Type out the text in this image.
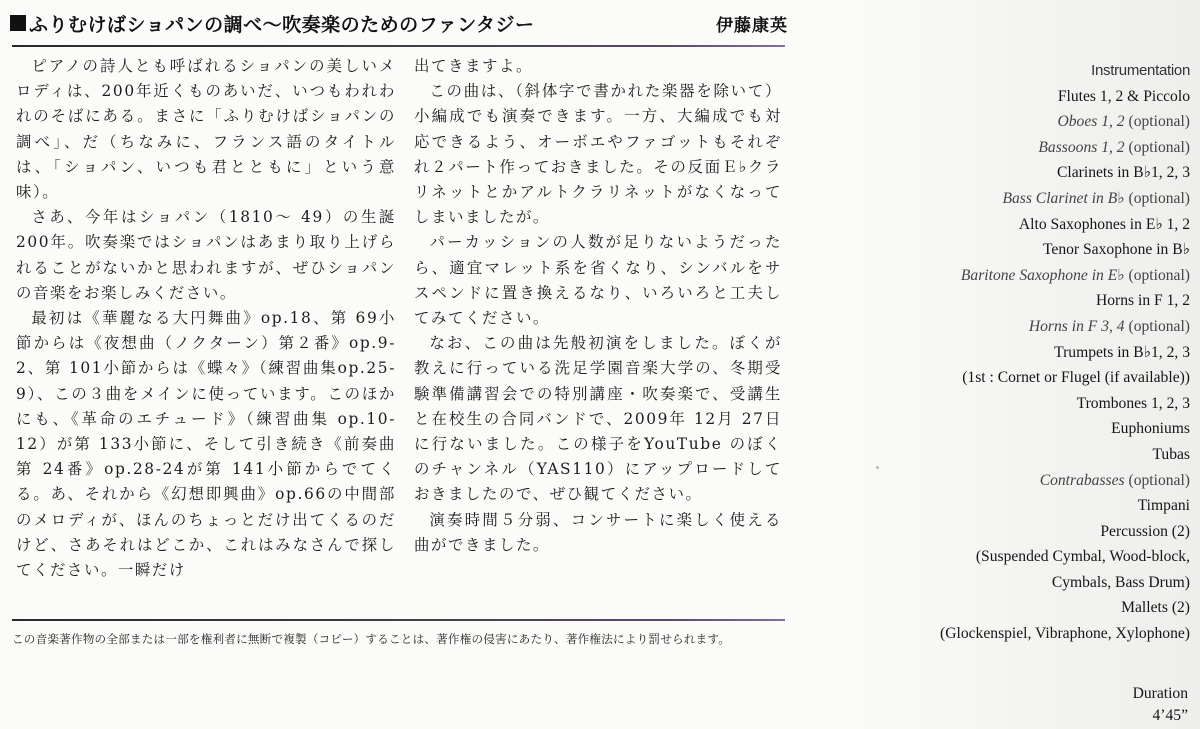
ふりむけばショパンの調べ〜吹奏楽のためのファンタジー	伊藤康英

ピアノの詩人とも呼ばれるショパンの美しいメロディは、200年近くものあいだ、いつもわれわれのそばにある。まさに「ふりむけばショパンの調べ」、だ（ちなみに、フランス語のタイトルは、「ショパン、いつも君とともに」という意味）。

さあ、今年はショパン（1810〜 49）の生誕 200年。吹奏楽ではショパンはあまり取り上げられることがないかと思われますが、ぜひショパンの音楽をお楽しみください。

最初は《華麗なる大円舞曲》op.18、第 69小節からは《夜想曲（ノクターン）第２番》op.9-2、第 101小節からは《蝶々》（練習曲集op.25-9）、この３曲をメインに使っています。このほかにも、《革命のエチュード》（練習曲集 op.10-12）が第 133小節に、そして引き続き《前奏曲第 24番》op.28-24が第 141小節からでてくる。あ、それから《幻想即興曲》op.66の中間部のメロディが、ほんのちょっとだけ出てくるのだけど、さあそれはどこか、これはみなさんで探してください。一瞬だけ

出てきますよ。

この曲は、（斜体字で書かれた楽器を除いて）小編成でも演奏できます。一方、大編成でも対応できるよう、オーボエやファゴットもそれぞれ２パート作っておきました。その反面Ｅ♭クラリネットとかアルトクラリネットがなくなってしまいましたが。

パーカッションの人数が足りないようだったら、適宜マレット系を省くなり、シンバルをサスペンドに置き換えるなり、いろいろと工夫してみてください。

なお、この曲は先般初演をしました。ぼくが教えに行っている洗足学園音楽大学の、冬期受験準備講習会での特別講座・吹奏楽で、受講生と在校生の合同バンドで、2009年 12月 27日に行ないました。この様子をYouTube のぼくのチャンネル（YAS110）にアップロードしておきましたので、ぜひ観てください。

演奏時間５分弱、コンサートに楽しく使える曲ができました。

この音楽著作物の全部または一部を権利者に無断で複製（コピー）することは、著作権の侵害にあたり、著作権法により罰せられます。
Instrumentation
Flutes 1, 2 & Piccolo
Oboes 1, 2 (optional)
Bassoons 1, 2 (optional)
Clarinets in B♭1, 2, 3
Bass Clarinet in B♭ (optional)
Alto Saxophones in E♭ 1, 2
Tenor Saxophone in B♭
Baritone Saxophone in E♭ (optional)
Horns in F 1, 2
Horns in F 3, 4 (optional)
Trumpets in B♭1, 2, 3
(1st : Cornet or Flugel (if available))
Trombones 1, 2, 3
Euphoniums
Tubas
Contrabasses (optional)
Timpani
Percussion (2)
(Suspended Cymbal, Wood-block,
Cymbals, Bass Drum)
Mallets (2)
(Glockenspiel, Vibraphone, Xylophone)
Duration
4’45”
